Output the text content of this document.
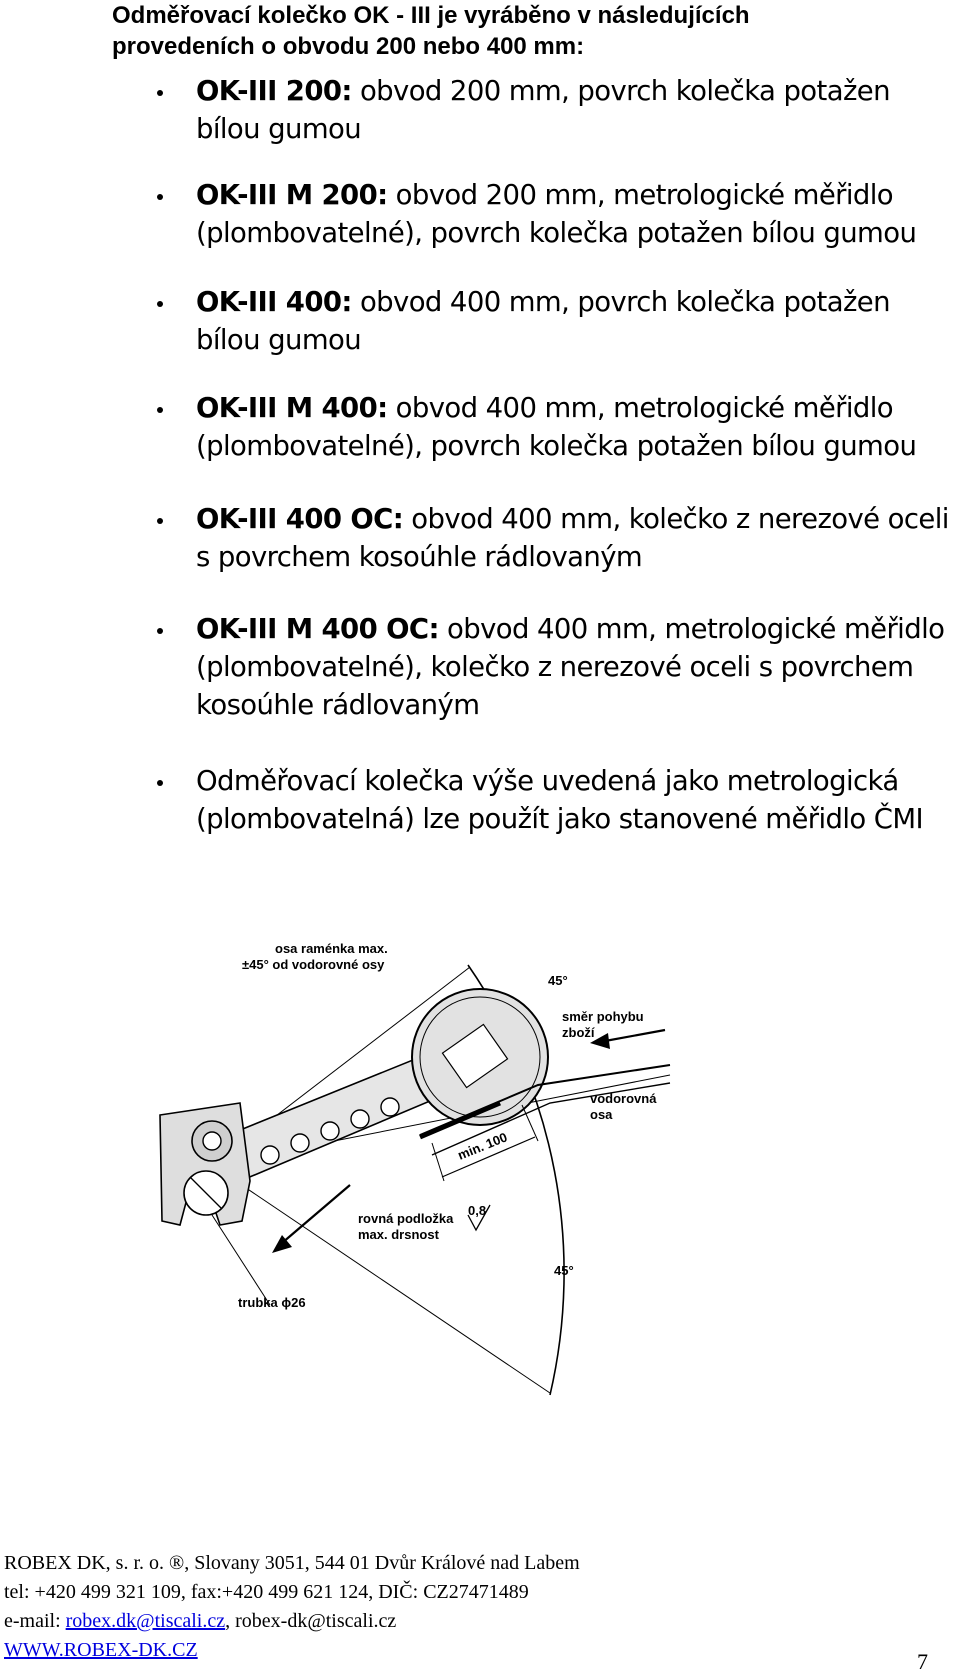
Odměřovací kolečko OK - III je vyráběno v následujících
provedeních o obvodu 200 nebo 400 mm:
OK-III 200: obvod 200 mm, povrch kolečka potažen bílou gumou
OK-III M 200: obvod 200 mm, metrologické měřidlo (plombovatelné), povrch kolečka potažen bílou gumou
OK-III 400: obvod 400 mm, povrch kolečka potažen bílou gumou
OK-III M 400: obvod 400 mm, metrologické měřidlo (plombovatelné), povrch kolečka potažen bílou gumou
OK-III 400 OC: obvod 400 mm, kolečko z nerezové oceli s povrchem kosoúhle rádlovaným
OK-III M 400 OC: obvod 400 mm, metrologické měřidlo (plombovatelné), kolečko z nerezové oceli s povrchem kosoúhle rádlovaným
Odměřovací kolečka výše uvedená jako metrologická (plombovatelná) lze použít jako stanovené měřidlo ČMI
osa raménka max.
±45° od vodorovné osy
45°
směr pohybu
zboží
vodorovná
osa
min. 100
rovná podložka
max. drsnost
0,8
45°
trubka ϕ26
ROBEX DK, s. r. o. ®, Slovany 3051, 544 01 Dvůr Králové nad Labem
tel: +420 499 321 109, fax:+420 499 621 124, DIČ: CZ27471489
e-mail: robex.dk@tiscali.cz, robex-dk@tiscali.cz
WWW.ROBEX-DK.CZ	7
